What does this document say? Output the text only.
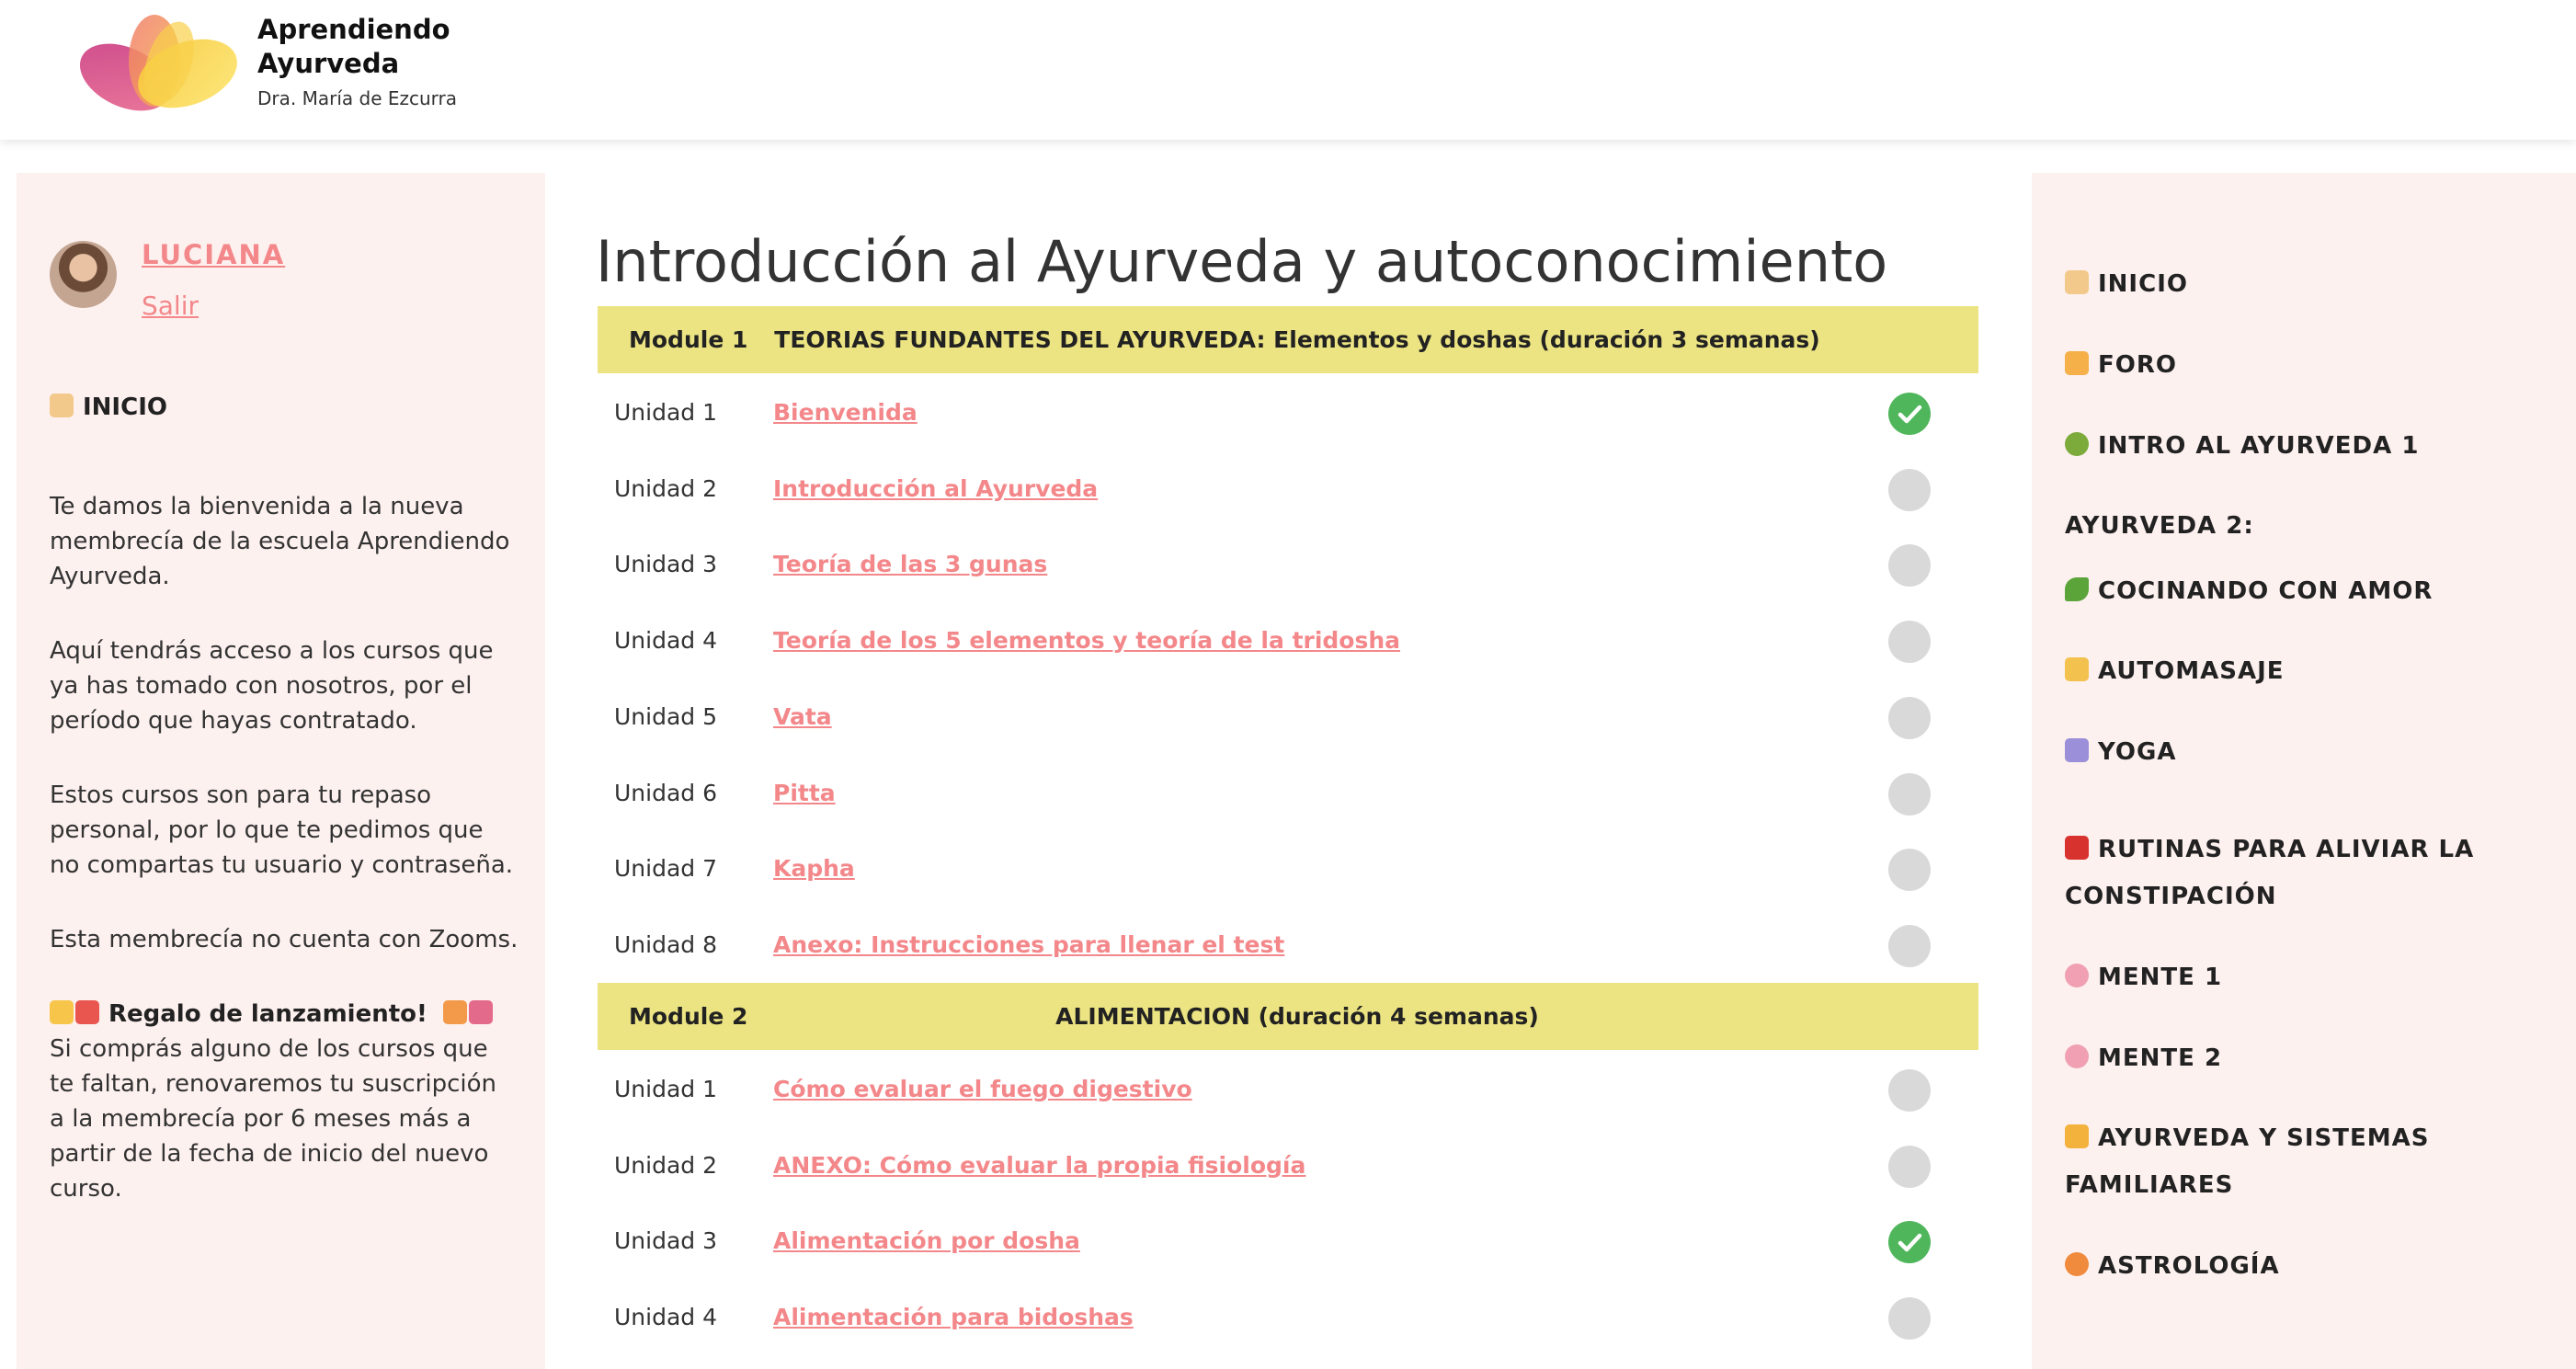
Aprendiendo Ayurveda
Dra. María de Ezcurra
LUCIANA
Salir
INICIO

Te damos la bienvenida a la nueva membrecía de la escuela Aprendiendo Ayurveda.

Aquí tendrás acceso a los cursos que ya has tomado con nosotros, por el período que hayas contratado.

Estos cursos son para tu repaso personal, por lo que te pedimos que no compartas tu usuario y contraseña.

Esta membrecía no cuenta con Zooms.

Regalo de lanzamiento!
Si comprás alguno de los cursos que te faltan, renovaremos tu suscripción a la membrecía por 6 meses más a partir de la fecha de inicio del nuevo curso.
Introducción al Ayurveda y autoconocimiento
Module 1	TEORIAS FUNDANTES DEL AYURVEDA: Elementos y doshas (duración 3 semanas)
Unidad 1 Bienvenida
Unidad 2 Introducción al Ayurveda
Unidad 3 Teoría de las 3 gunas
Unidad 4 Teoría de los 5 elementos y teoría de la tridosha
Unidad 5 Vata
Unidad 6 Pitta
Unidad 7 Kapha
Unidad 8 Anexo: Instrucciones para llenar el test
Module 2	ALIMENTACION (duración 4 semanas)
Unidad 1 Cómo evaluar el fuego digestivo
Unidad 2 ANEXO: Cómo evaluar la propia fisiología
Unidad 3 Alimentación por dosha
Unidad 4 Alimentación para bidoshas
INICIO
FORO
INTRO AL AYURVEDA 1
AYURVEDA 2:
COCINANDO CON AMOR
AUTOMASAJE
YOGA
RUTINAS PARA ALIVIAR LA CONSTIPACIÓN
MENTE 1
MENTE 2
AYURVEDA Y SISTEMAS FAMILIARES
ASTROLOGÍA
